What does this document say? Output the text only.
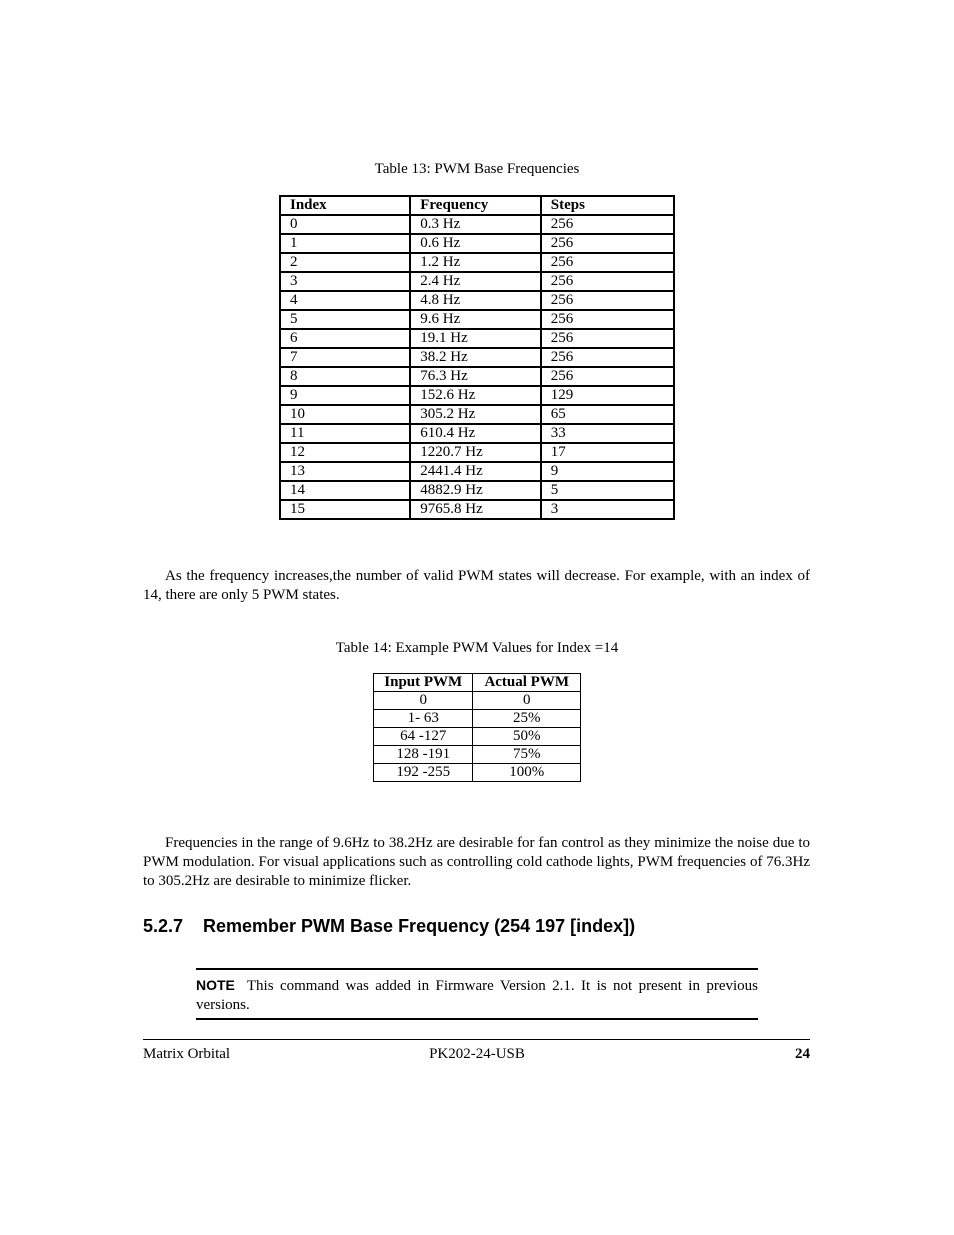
Table 13: PWM Base Frequencies
Index	Frequency	Steps
0	0.3 Hz	256
1	0.6 Hz	256
2	1.2 Hz	256
3	2.4 Hz	256
4	4.8 Hz	256
5	9.6 Hz	256
6	19.1 Hz	256
7	38.2 Hz	256
8	76.3 Hz	256
9	152.6 Hz	129
10	305.2 Hz	65
11	610.4 Hz	33
12	1220.7 Hz	17
13	2441.4 Hz	9
14	4882.9 Hz	5
15	9765.8 Hz	3
As the frequency increases,the number of valid PWM states will decrease. For example, with an index of 14, there are only 5 PWM states.
Table 14: Example PWM Values for Index =14
Input PWM	Actual PWM
0	0
1- 63	25%
64 -127	50%
128 -191	75%
192 -255	100%
Frequencies in the range of 9.6Hz to 38.2Hz are desirable for fan control as they minimize the noise due to PWM modulation. For visual applications such as controlling cold cathode lights, PWM frequencies of 76.3Hz to 305.2Hz are desirable to minimize flicker.
5.2.7 Remember PWM Base Frequency (254 197 [index])
NOTE This command was added in Firmware Version 2.1. It is not present in previous versions.
Matrix Orbital	PK202-24-USB	24
